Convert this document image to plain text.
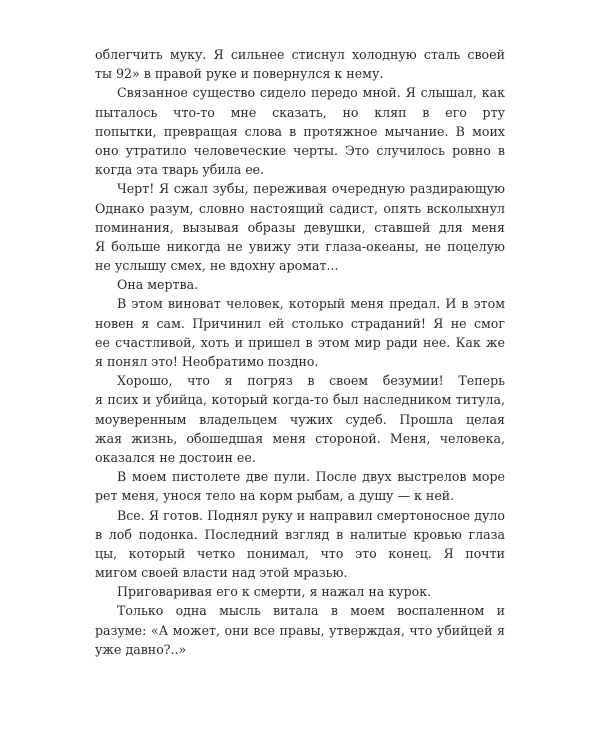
облегчить муку. Я сильнее стиснул холодную сталь своей
ты 92» в правой руке и повернулся к нему.
Связанное существо сидело передо мной. Я слышал, как
пыталось что-то мне сказать, но кляп в его рту
попытки, превращая слова в протяжное мычание. В моих
оно утратило человеческие черты. Это случилось ровно в
когда эта тварь убила ее.
Черт! Я сжал зубы, переживая очередную раздирающую
Однако разум, словно настоящий садист, опять всколыхнул
поминания, вызывая образы девушки, ставшей для меня
Я больше никогда не увижу эти глаза-океаны, не поцелую
не услышу смех, не вдохну аромат...
Она мертва.
В этом виноват человек, который меня предал. И в этом
новен я сам. Причинил ей столько страданий! Я не смог
ее счастливой, хоть и пришел в этом мир ради нее. Как же
я понял это! Необратимо поздно.
Хорошо, что я погряз в своем безумии! Теперь
я псих и убийца, который когда-то был наследником титула,
моуверенным владельцем чужих судеб. Прошла целая
жая жизнь, обошедшая меня стороной. Меня, человека,
оказался не достоин ее.
В моем пистолете две пули. После двух выстрелов море
рет меня, унося тело на корм рыбам, а душу — к ней.
Все. Я готов. Поднял руку и направил смертоносное дуло
в лоб подонка. Последний взгляд в налитые кровью глаза
цы, который четко понимал, что это конец. Я почти
мигом своей власти над этой мразью.
Приговаривая его к смерти, я нажал на курок.
Только одна мысль витала в моем воспаленном и
разуме: «А может, они все правы, утверждая, что убийцей я
уже давно?..»
